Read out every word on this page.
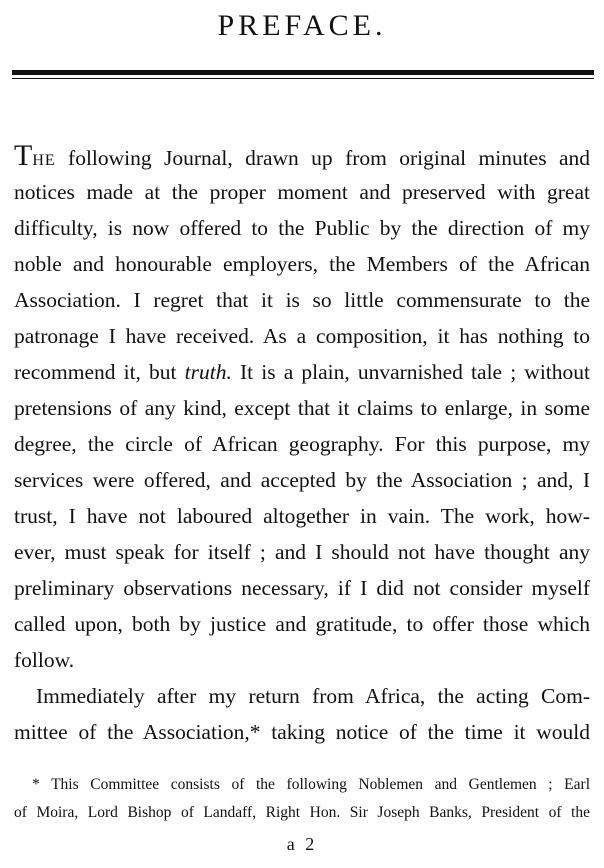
PREFACE.
THE following Journal, drawn up from original minutes and
notices made at the proper moment and preserved with great
difficulty, is now offered to the Public by the direction of my
noble and honourable employers, the Members of the African
Association. I regret that it is so little commensurate to the
patronage I have received. As a composition, it has nothing to
recommend it, but truth. It is a plain, unvarnished tale ; without
pretensions of any kind, except that it claims to enlarge, in some
degree, the circle of African geography. For this purpose, my
services were offered, and accepted by the Association ; and, I
trust, I have not laboured altogether in vain. The work, how-
ever, must speak for itself ; and I should not have thought any
preliminary observations necessary, if I did not consider myself
called upon, both by justice and gratitude, to offer those which
follow.
Immediately after my return from Africa, the acting Com-
mittee of the Association,* taking notice of the time it would
* This Committee consists of the following Noblemen and Gentlemen ; Earl
of Moira, Lord Bishop of Landaff, Right Hon. Sir Joseph Banks, President of the
a 2
